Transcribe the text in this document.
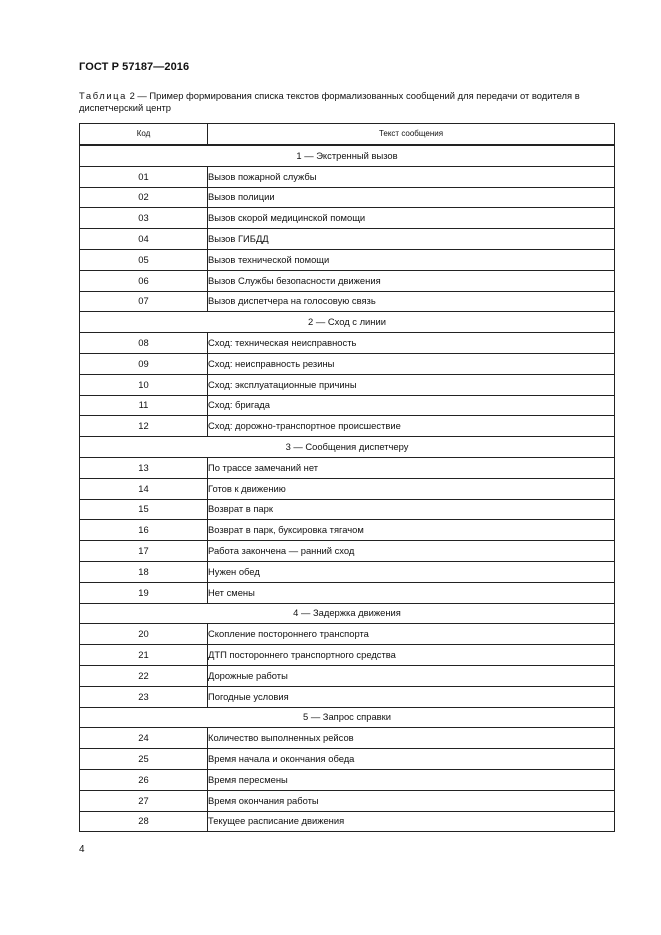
ГОСТ Р 57187—2016
Таблица 2 — Пример формирования списка текстов формализованных сообщений для передачи от водителя в диспетчерский центр
Код	Текст сообщения
1 — Экстренный вызов	
01	Вызов пожарной службы
02	Вызов полиции
03	Вызов скорой медицинской помощи
04	Вызов ГИБДД
05	Вызов технической помощи
06	Вызов Службы безопасности движения
07	Вызов диспетчера на голосовую связь
2 — Сход с линии	
08	Сход: техническая неисправность
09	Сход: неисправность резины
10	Сход: эксплуатационные причины
11	Сход: бригада
12	Сход: дорожно-транспортное происшествие
3 — Сообщения диспетчеру	
13	По трассе замечаний нет
14	Готов к движению
15	Возврат в парк
16	Возврат в парк, буксировка тягачом
17	Работа закончена — ранний сход
18	Нужен обед
19	Нет смены
4 — Задержка движения	
20	Скопление постороннего транспорта
21	ДТП постороннего транспортного средства
22	Дорожные работы
23	Погодные условия
5 — Запрос справки	
24	Количество выполненных рейсов
25	Время начала и окончания обеда
26	Время пересмены
27	Время окончания работы
28	Текущее расписание движения
4
